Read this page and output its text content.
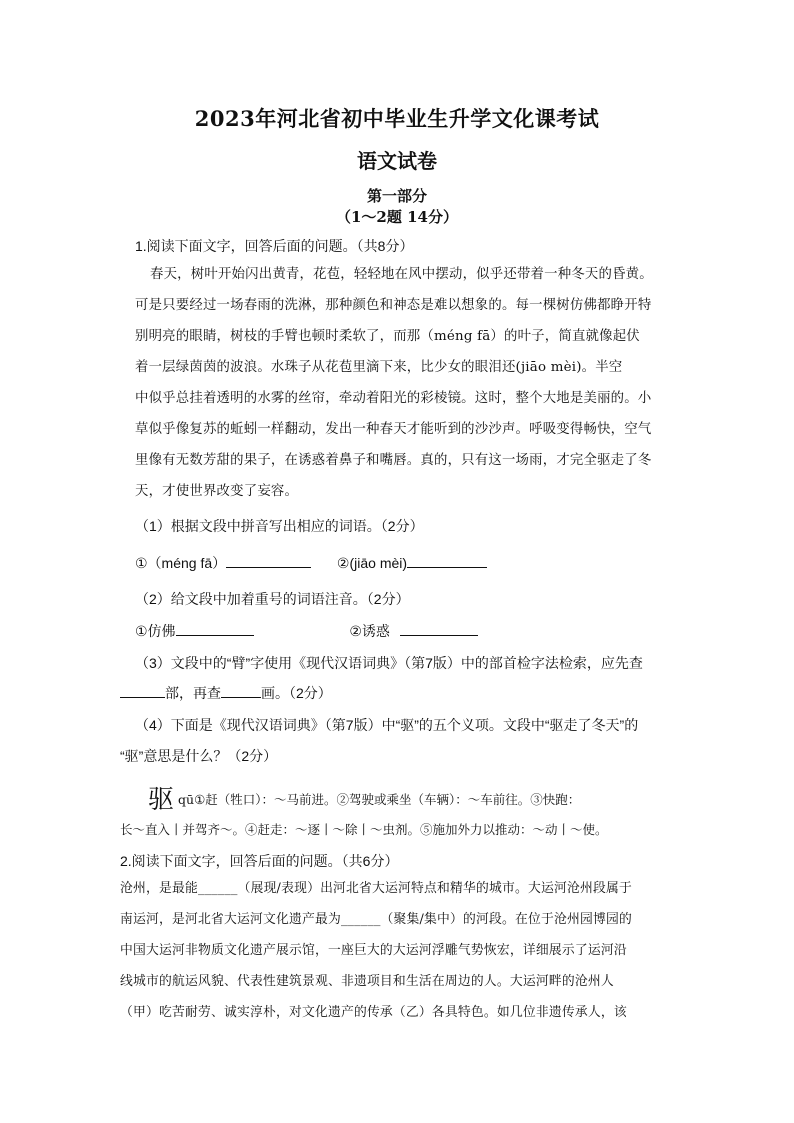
2023年河北省初中毕业生升学文化课考试
语文试卷
第一部分
（1～2题 14分）
1.阅读下面文字，回答后面的问题。（共8分）
春天，树叶开始闪出黄青，花苞，轻轻地在风中摆动，似乎还带着一种冬天的昏黄。
可是只要经过一场春雨的洗淋，那种颜色和神态是难以想象的。每一棵树仿佛都睁开特
别明亮的眼睛，树枝的手臂也顿时柔软了，而那（méng fā）的叶子，简直就像起伏
着一层绿茵茵的波浪。水珠子从花苞里滴下来，比少女的眼泪还(jiāo mèi)。半空
中似乎总挂着透明的水雾的丝帘，牵动着阳光的彩棱镜。这时，整个大地是美丽的。小
草似乎像复苏的蚯蚓一样翻动，发出一种春天才能听到的沙沙声。呼吸变得畅快，空气
里像有无数芳甜的果子，在诱惑着鼻子和嘴唇。真的，只有这一场雨，才完全驱走了冬
天，才使世界改变了妄容。
（1）根据文段中拼音写出相应的词语。（2分）
①（méng fā）	②(jiāo mèi)
（2）给文段中加着重号的词语注音。（2分）
①仿佛	②诱惑
（3）文段中的“臂”字使用《现代汉语词典》（第7版）中的部首检字法检索，应先查
部，再查	画。（2分）
（4）下面是《现代汉语词典》（第7版）中“驱”的五个义项。文段中“驱走了冬天”的
“驱”意思是什么？（2分）
驱qū①赶（牲口）：～马前进。②驾驶或乘坐（车辆）：～车前往。③快跑：
长～直入丨并驾齐～。④赶走：～逐丨～除丨～虫剂。⑤施加外力以推动：～动丨～使。
2.阅读下面文字，回答后面的问题。（共6分）
沧州，是最能______（展现/表现）出河北省大运河特点和精华的城市。大运河沧州段属于
南运河，是河北省大运河文化遗产最为______（聚集/集中）的河段。在位于沧州园博园的
中国大运河非物质文化遗产展示馆，一座巨大的大运河浮雕气势恢宏，详细展示了运河沿
线城市的航运风貌、代表性建筑景观、非遗项目和生活在周边的人。大运河畔的沧州人
（甲）吃苦耐劳、诚实淳朴，对文化遗产的传承（乙）各具特色。如几位非遗传承人，该
